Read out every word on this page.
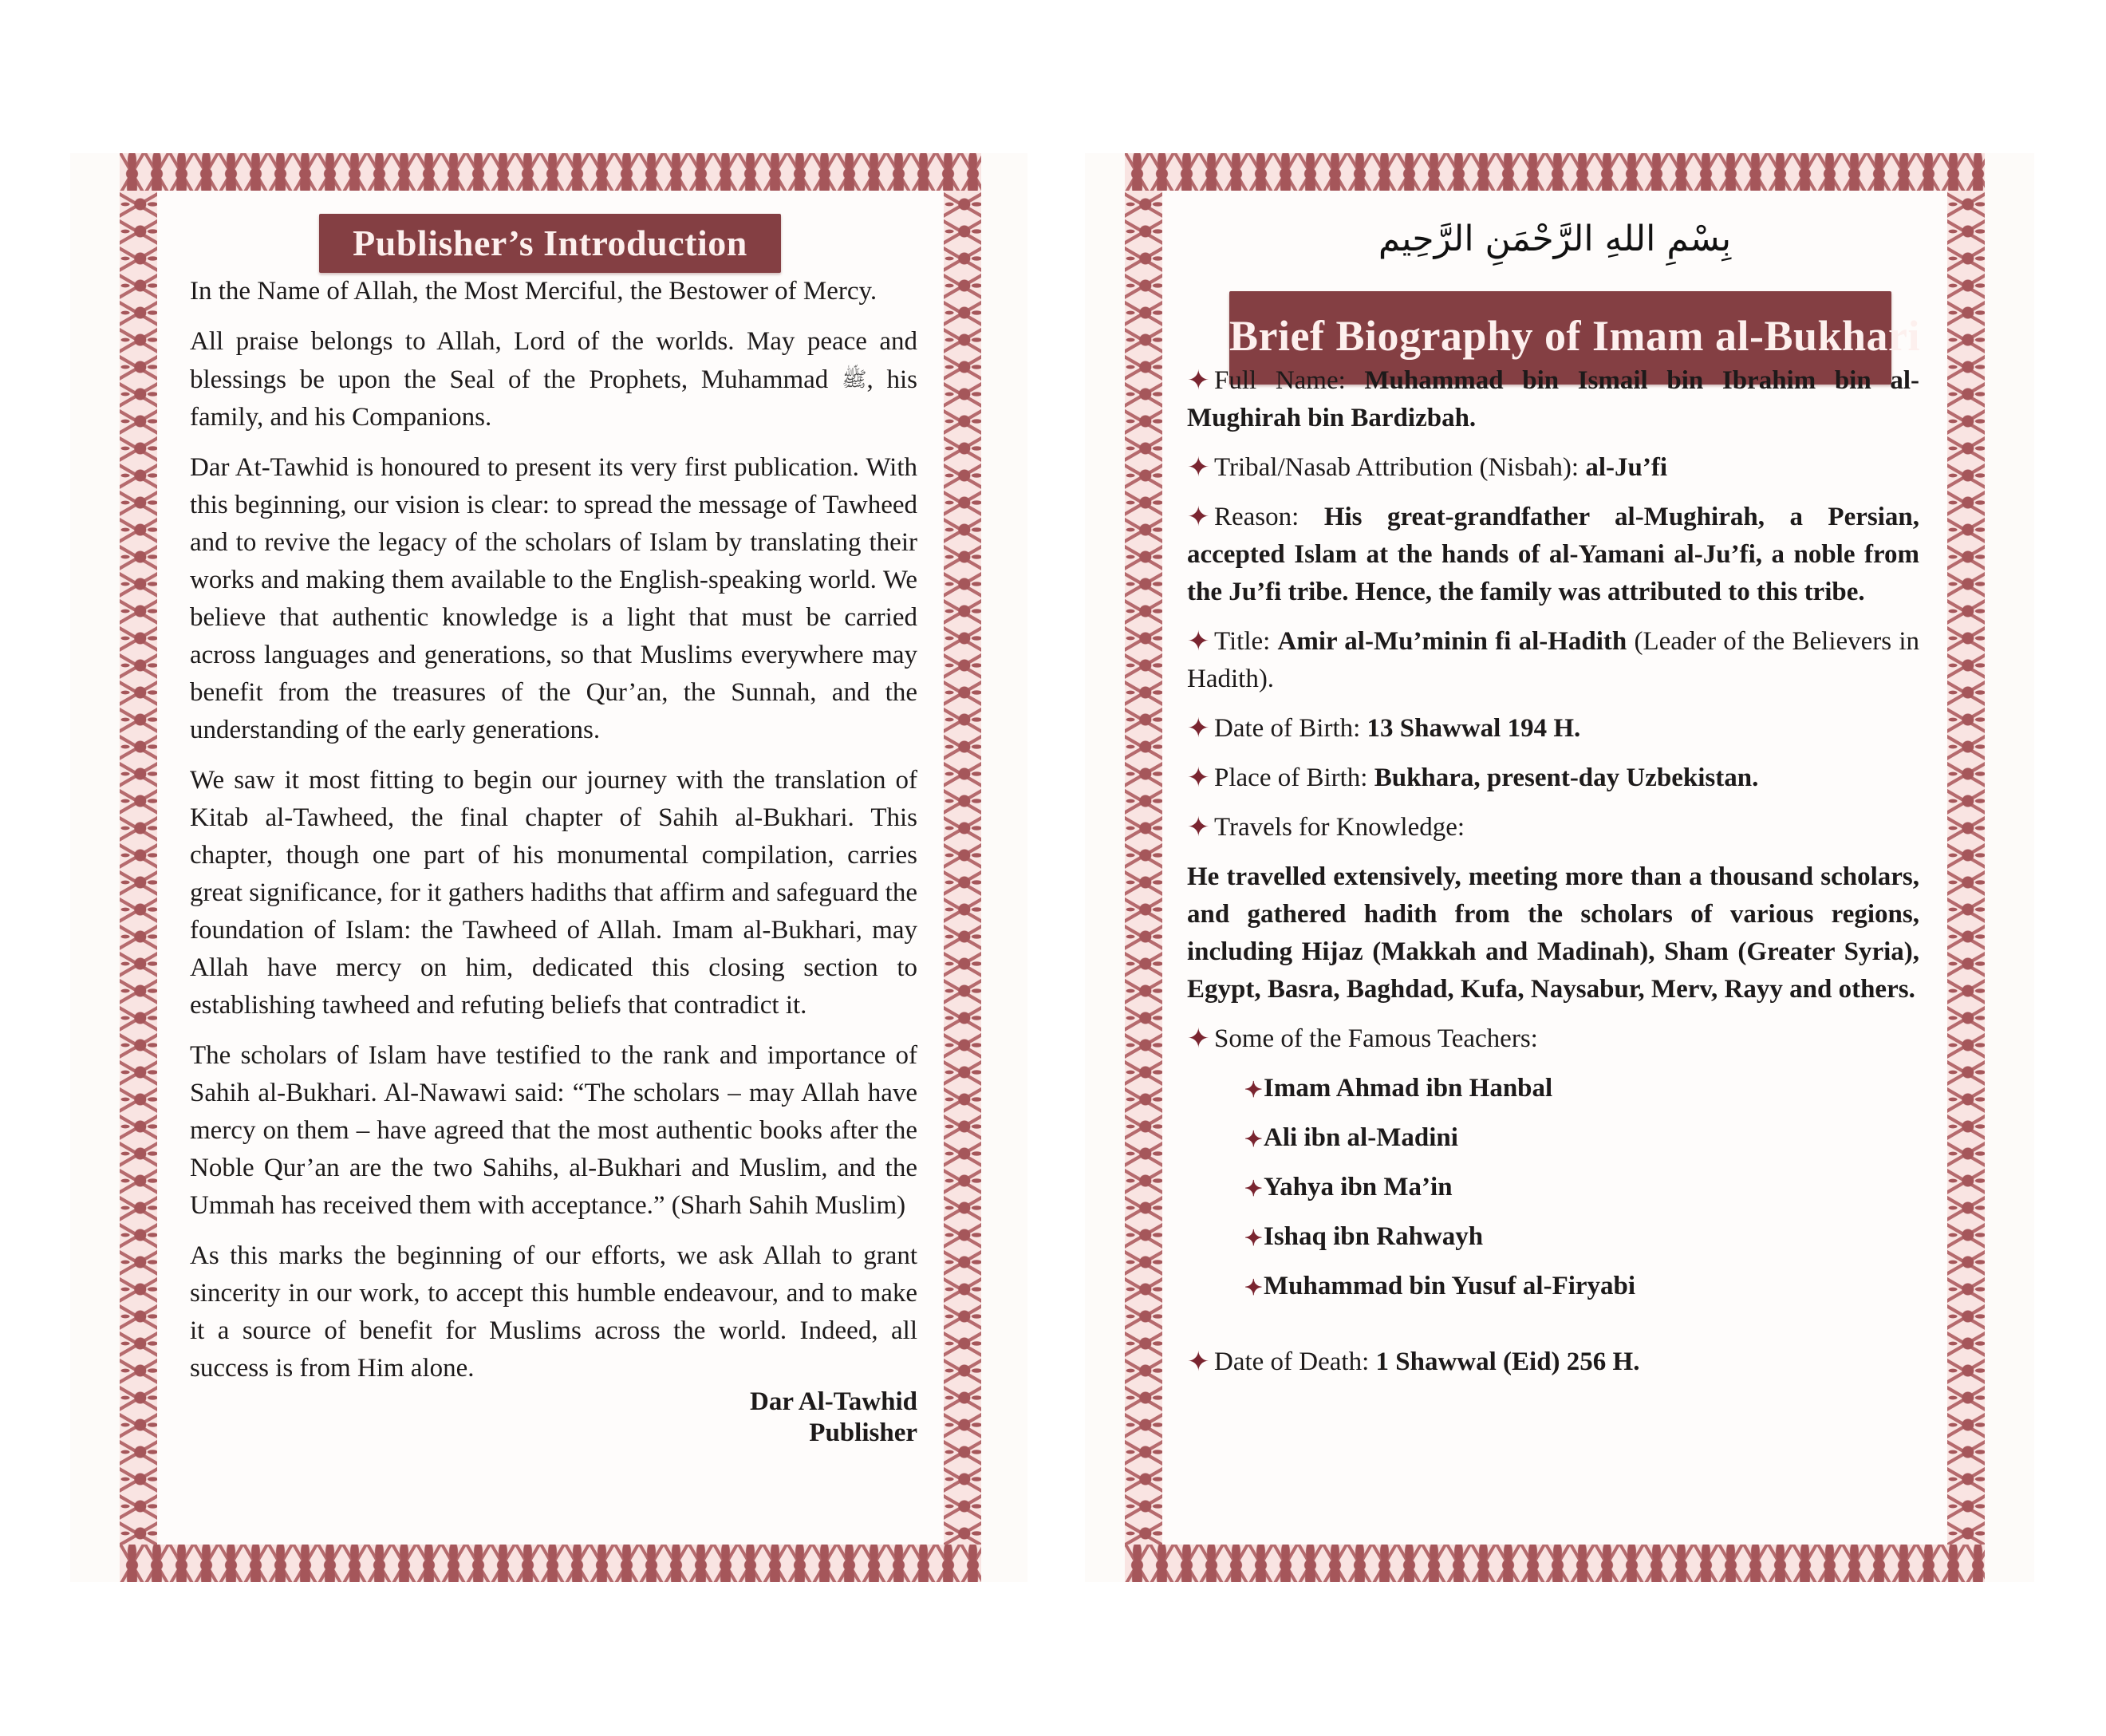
Publisher’s Introduction

In the Name of Allah, the Most Merciful, the Bestower of Mercy.

All praise belongs to Allah, Lord of the worlds. May peace and blessings be upon the Seal of the Prophets, Muhammad ﷺ, his family, and his Companions.

Dar At-Tawhid is honoured to present its very first publication. With this beginning, our vision is clear: to spread the message of Tawheed and to revive the legacy of the scholars of Islam by translating their works and making them available to the English-speaking world. We believe that authentic knowledge is a light that must be carried across languages and generations, so that Muslims everywhere may benefit from the treasures of the Qur’an, the Sunnah, and the understanding of the early generations.

We saw it most fitting to begin our journey with the translation of Kitab al-Tawheed, the final chapter of Sahih al-Bukhari. This chapter, though one part of his monumental compilation, carries great significance, for it gathers hadiths that affirm and safeguard the foundation of Islam: the Tawheed of Allah. Imam al-Bukhari, may Allah have mercy on him, dedicated this closing section to establishing tawheed and refuting beliefs that contradict it.

The scholars of Islam have testified to the rank and importance of Sahih al-Bukhari. Al-Nawawi said: “The scholars – may Allah have mercy on them – have agreed that the most authentic books after the Noble Qur’an are the two Sahihs, al-Bukhari and Muslim, and the Ummah has received them with acceptance.” (Sharh Sahih Muslim)

As this marks the beginning of our efforts, we ask Allah to grant sincerity in our work, to accept this humble endeavour, and to make it a source of benefit for Muslims across the world. Indeed, all success is from Him alone.

Dar Al-Tawhid
Publisher
بِسْمِ اللهِ الرَّحْمَنِ الرَّحِيم
Brief Biography of Imam al-Bukhari
✦ Full Name: Muhammad bin Ismail bin Ibrahim bin al-Mughirah bin Bardizbah.
✦ Tribal/Nasab Attribution (Nisbah): al-Ju’fi
✦ Reason: His great-grandfather al-Mughirah, a Persian, accepted Islam at the hands of al-Yamani al-Ju’fi, a noble from the Ju’fi tribe. Hence, the family was attributed to this tribe.
✦ Title: Amir al-Mu’minin fi al-Hadith (Leader of the Believers in Hadith).
✦ Date of Birth: 13 Shawwal 194 H.
✦ Place of Birth: Bukhara, present-day Uzbekistan.
✦ Travels for Knowledge:
He travelled extensively, meeting more than a thousand scholars, and gathered hadith from the scholars of various regions, including Hijaz (Makkah and Madinah), Sham (Greater Syria), Egypt, Basra, Baghdad, Kufa, Naysabur, Merv, Rayy and others.
✦ Some of the Famous Teachers:
✦Imam Ahmad ibn Hanbal
✦Ali ibn al-Madini
✦Yahya ibn Ma’in
✦Ishaq ibn Rahwayh
✦Muhammad bin Yusuf al-Firyabi
✦ Date of Death: 1 Shawwal (Eid) 256 H.
